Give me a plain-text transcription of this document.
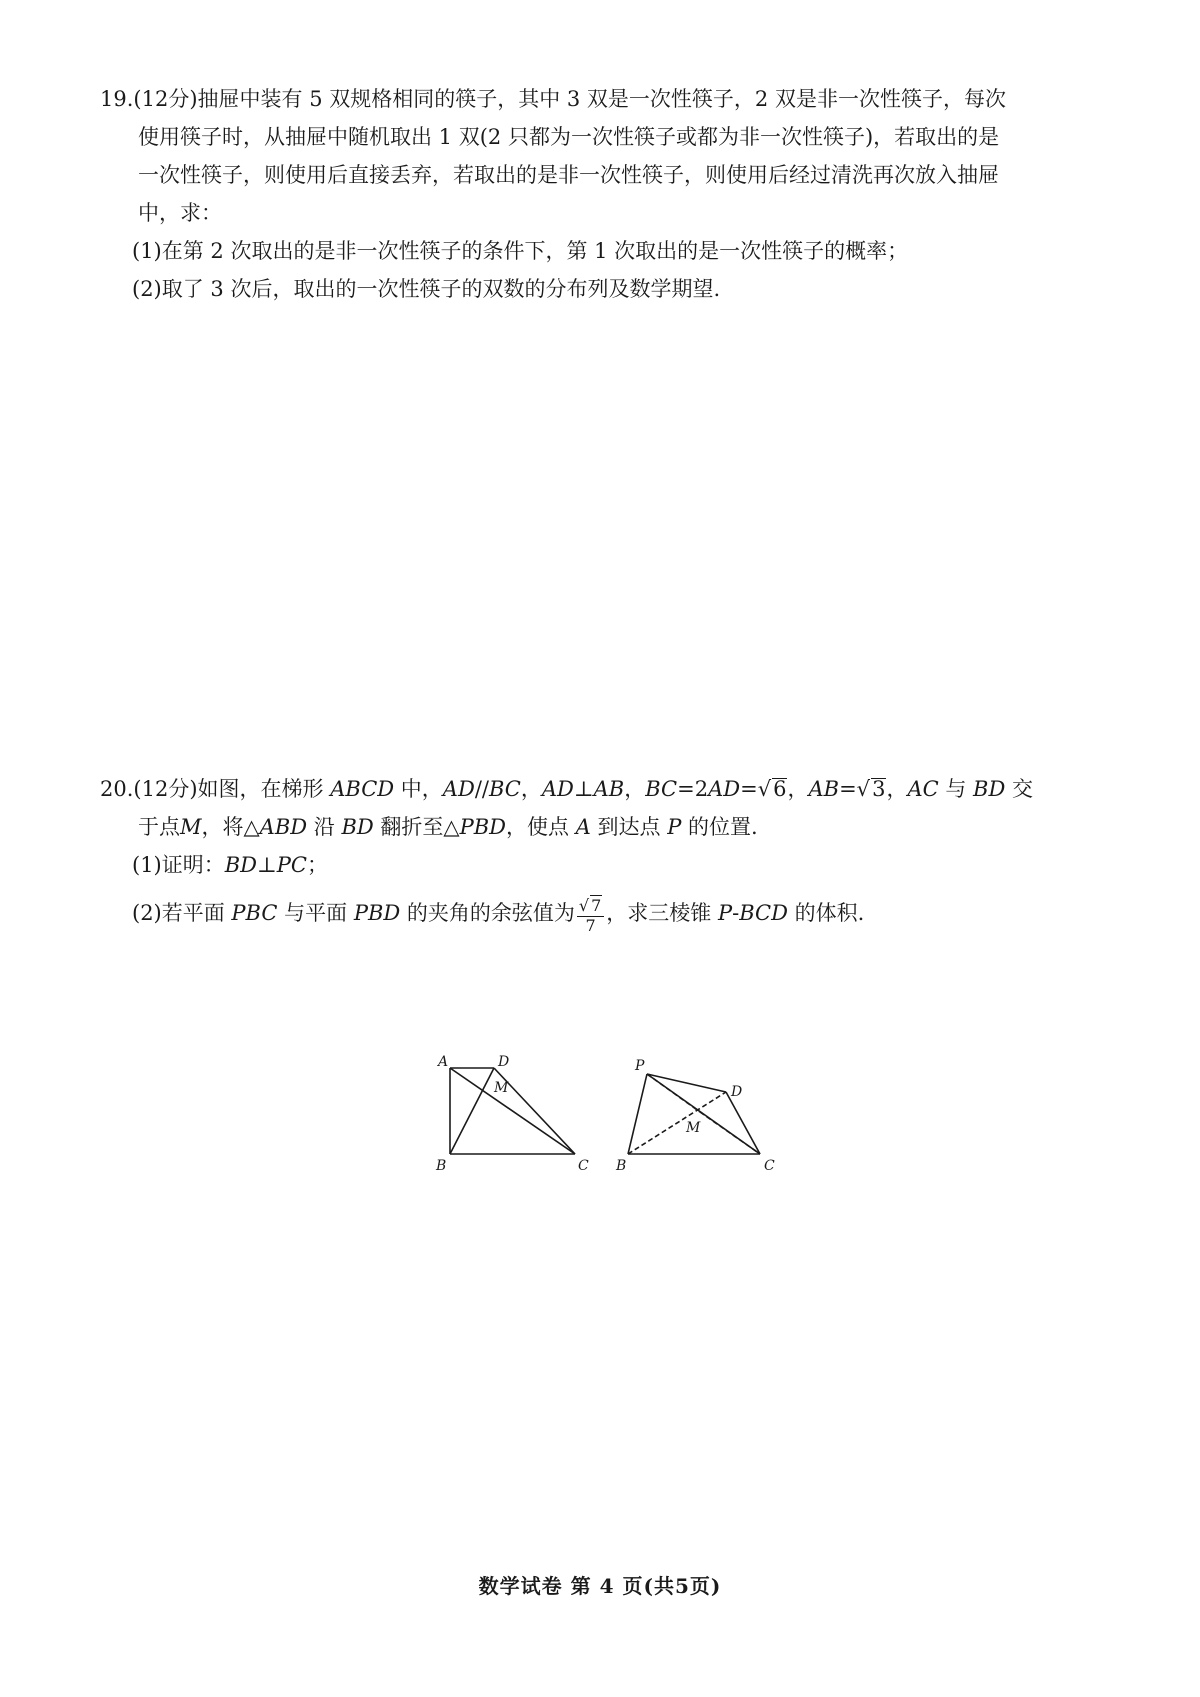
19.(12分)抽屉中装有 5 双规格相同的筷子，其中 3 双是一次性筷子，2 双是非一次性筷子，每次

使用筷子时，从抽屉中随机取出 1 双(2 只都为一次性筷子或都为非一次性筷子)，若取出的是

一次性筷子，则使用后直接丢弃，若取出的是非一次性筷子，则使用后经过清洗再次放入抽屉

中，求：

(1)在第 2 次取出的是非一次性筷子的条件下，第 1 次取出的是一次性筷子的概率；

(2)取了 3 次后，取出的一次性筷子的双数的分布列及数学期望.

20.(12分)如图，在梯形 ABCD 中，AD//BC，AD⊥AB，BC=2AD=√6，AB=√3，AC 与 BD 交

于点M，将△ABD 沿 BD 翻折至△PBD，使点 A 到达点 P 的位置.

(1)证明：BD⊥PC；

(2)若平面 PBC 与平面 PBD 的夹角的余弦值为 $\frac{√ 7}{7}$ ，求三棱锥 P-BCD 的体积.

A
B	C
D
M
P
B	C
D
M
数学试卷 第 4 页(共5页)
